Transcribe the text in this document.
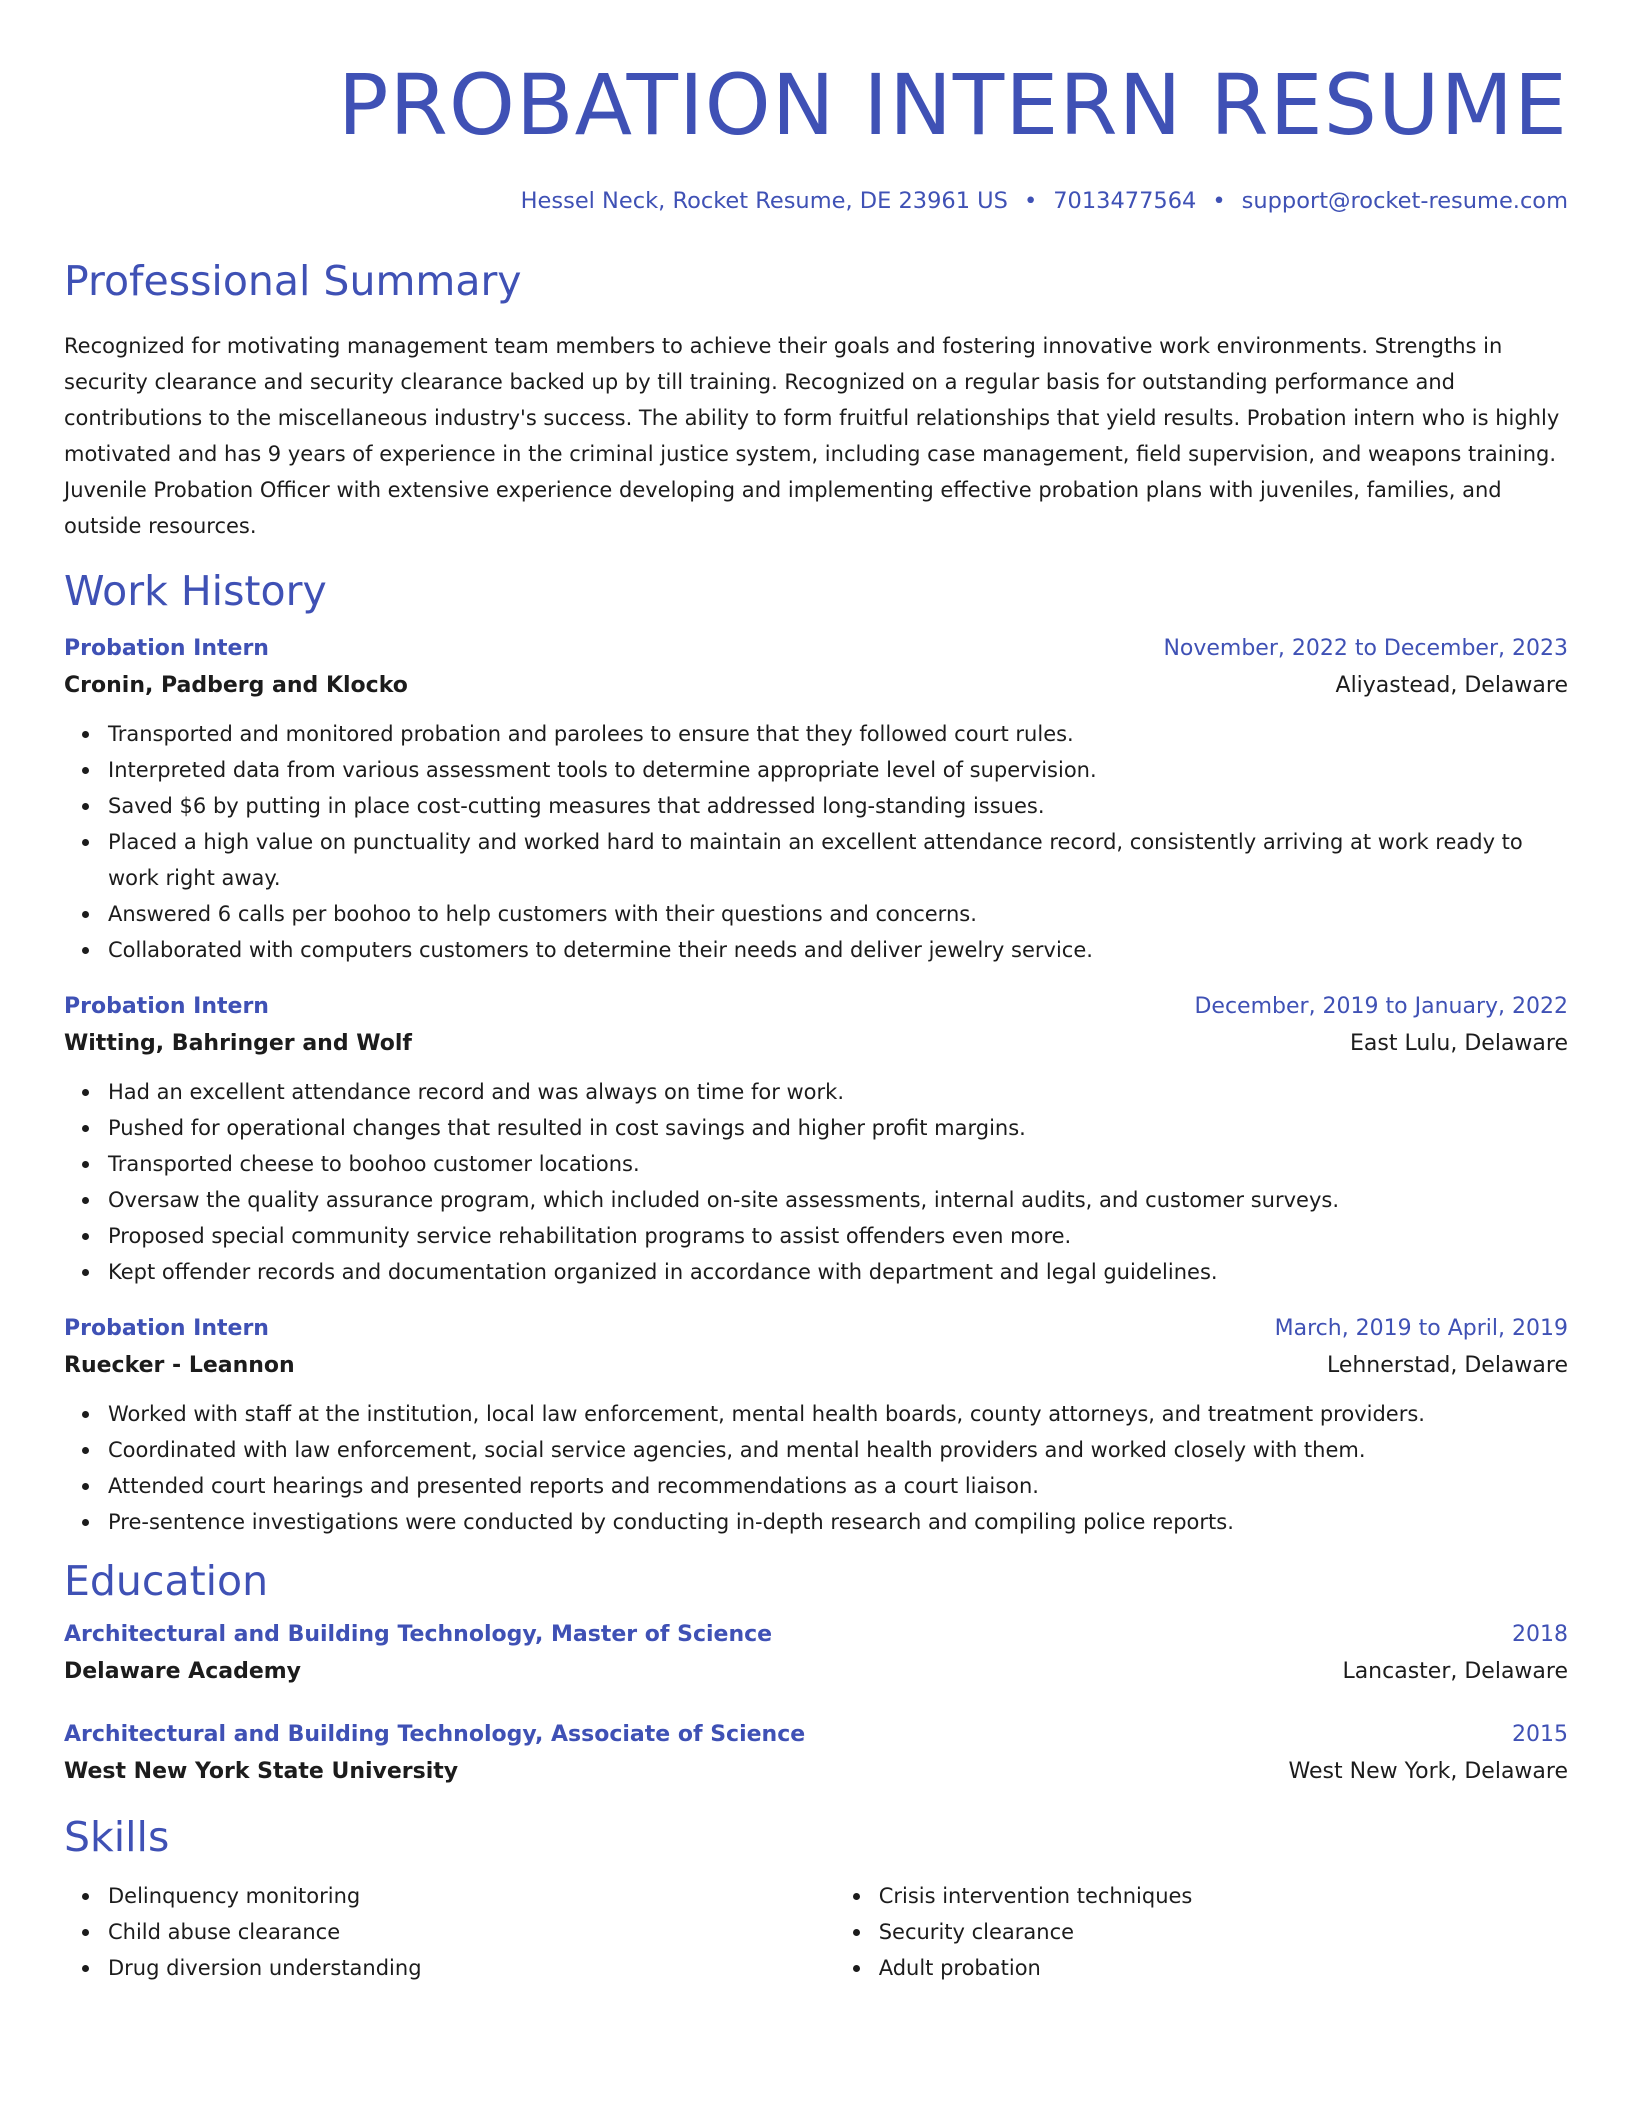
PROBATION INTERN RESUME
Hessel Neck, Rocket Resume, DE 23961 US • 7013477564 • support@rocket-resume.com
Professional Summary

Recognized for motivating management team members to achieve their goals and fostering innovative work environments. Strengths in security clearance and security clearance backed up by till training. Recognized on a regular basis for outstanding performance and contributions to the miscellaneous industry's success. The ability to form fruitful relationships that yield results. Probation intern who is highly motivated and has 9 years of experience in the criminal justice system, including case management, field supervision, and weapons training. Juvenile Probation Officer with extensive experience developing and implementing effective probation plans with juveniles, families, and outside resources.

Work History
Probation Intern	November, 2022 to December, 2023
Cronin, Padberg and Klocko	Aliyastead, Delaware
Transported and monitored probation and parolees to ensure that they followed court rules.
Interpreted data from various assessment tools to determine appropriate level of supervision.
Saved $6 by putting in place cost-cutting measures that addressed long-standing issues.
Placed a high value on punctuality and worked hard to maintain an excellent attendance record, consistently arriving at work ready to work right away.
Answered 6 calls per boohoo to help customers with their questions and concerns.
Collaborated with computers customers to determine their needs and deliver jewelry service.
Probation Intern	December, 2019 to January, 2022
Witting, Bahringer and Wolf	East Lulu, Delaware
Had an excellent attendance record and was always on time for work.
Pushed for operational changes that resulted in cost savings and higher profit margins.
Transported cheese to boohoo customer locations.
Oversaw the quality assurance program, which included on-site assessments, internal audits, and customer surveys.
Proposed special community service rehabilitation programs to assist offenders even more.
Kept offender records and documentation organized in accordance with department and legal guidelines.
Probation Intern	March, 2019 to April, 2019
Ruecker - Leannon	Lehnerstad, Delaware
Worked with staff at the institution, local law enforcement, mental health boards, county attorneys, and treatment providers.
Coordinated with law enforcement, social service agencies, and mental health providers and worked closely with them.
Attended court hearings and presented reports and recommendations as a court liaison.
Pre-sentence investigations were conducted by conducting in-depth research and compiling police reports.
Education
Architectural and Building Technology, Master of Science	2018
Delaware Academy	Lancaster, Delaware
Architectural and Building Technology, Associate of Science	2015
West New York State University	West New York, Delaware
Skills
Delinquency monitoring
Child abuse clearance
Drug diversion understanding
Crisis intervention techniques
Security clearance
Adult probation
